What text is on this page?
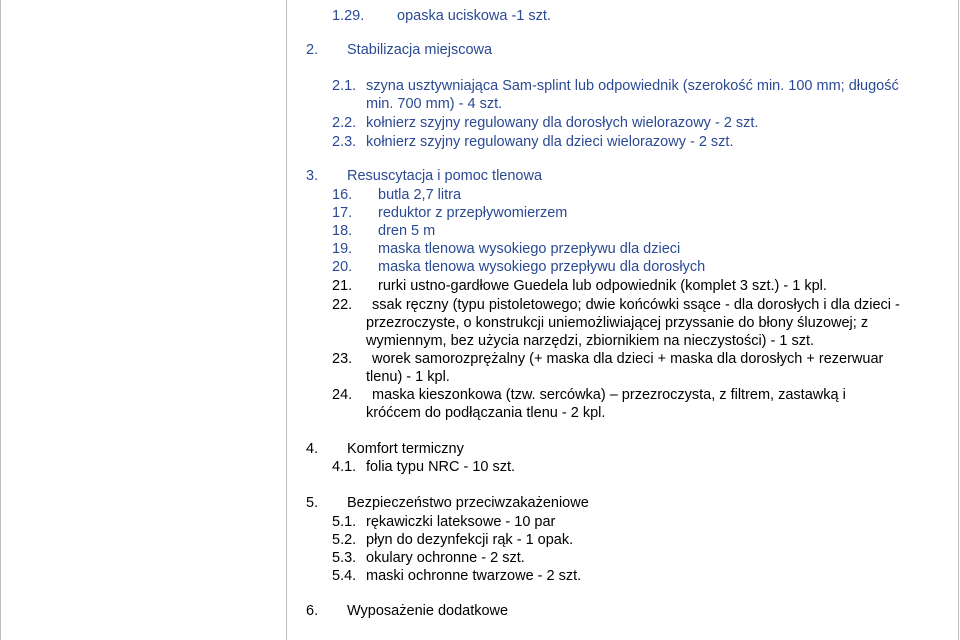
1.29. opaska uciskowa -1 szt.
2. Stabilizacja miejscowa
2.1. szyna usztywniająca Sam-splint lub odpowiednik (szerokość min. 100 mm; długość
min. 700 mm) - 4 szt.
2.2. kołnierz szyjny regulowany dla dorosłych wielorazowy - 2 szt.
2.3. kołnierz szyjny regulowany dla dzieci wielorazowy - 2 szt.
3. Resuscytacja i pomoc tlenowa
16. butla 2,7 litra
17. reduktor z przepływomierzem
18. dren 5 m
19. maska tlenowa wysokiego przepływu dla dzieci
20. maska tlenowa wysokiego przepływu dla dorosłych
21. rurki ustno-gardłowe Guedela lub odpowiednik (komplet 3 szt.) - 1 kpl.
22. ssak ręczny (typu pistoletowego; dwie końcówki ssące - dla dorosłych i dla dzieci -
przezroczyste, o konstrukcji uniemożliwiającej przyssanie do błony śluzowej; z
wymiennym, bez użycia narzędzi, zbiornikiem na nieczystości) - 1 szt.
23. worek samorozprężalny (+ maska dla dzieci + maska dla dorosłych + rezerwuar
tlenu) - 1 kpl.
24. maska kieszonkowa (tzw. sercówka) – przezroczysta, z filtrem, zastawką i
króćcem do podłączania tlenu - 2 kpl.
4. Komfort termiczny
4.1. folia typu NRC - 10 szt.
5. Bezpieczeństwo przeciwzakażeniowe
5.1. rękawiczki lateksowe - 10 par
5.2. płyn do dezynfekcji rąk - 1 opak.
5.3. okulary ochronne - 2 szt.
5.4. maski ochronne twarzowe - 2 szt.
6. Wyposażenie dodatkowe
